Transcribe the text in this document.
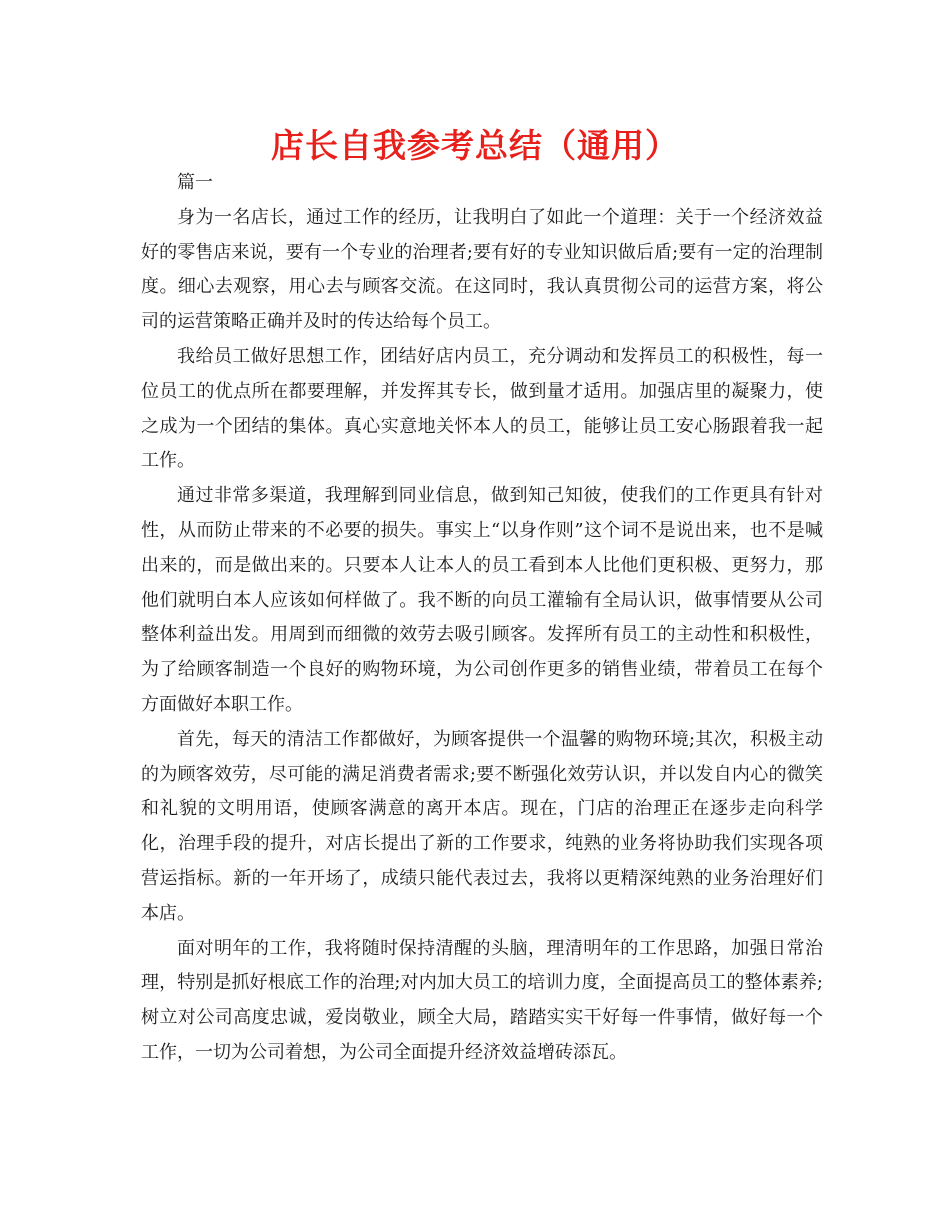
店长自我参考总结（通用）

篇一

身为一名店长，通过工作的经历，让我明白了如此一个道理：关于一个经济效益好的零售店来说，要有一个专业的治理者;要有好的专业知识做后盾;要有一定的治理制度。细心去观察，用心去与顾客交流。在这同时，我认真贯彻公司的运营方案，将公司的运营策略正确并及时的传达给每个员工。

我给员工做好思想工作，团结好店内员工，充分调动和发挥员工的积极性，每一位员工的优点所在都要理解，并发挥其专长，做到量才适用。加强店里的凝聚力，使之成为一个团结的集体。真心实意地关怀本人的员工，能够让员工安心肠跟着我一起工作。

通过非常多渠道，我理解到同业信息，做到知己知彼，使我们的工作更具有针对性，从而防止带来的不必要的损失。事实上“以身作则”这个词不是说出来，也不是喊出来的，而是做出来的。只要本人让本人的员工看到本人比他们更积极、更努力，那他们就明白本人应该如何样做了。我不断的向员工灌输有全局认识，做事情要从公司整体利益出发。用周到而细微的效劳去吸引顾客。发挥所有员工的主动性和积极性，为了给顾客制造一个良好的购物环境，为公司创作更多的销售业绩，带着员工在每个方面做好本职工作。

首先，每天的清洁工作都做好，为顾客提供一个温馨的购物环境;其次，积极主动的为顾客效劳，尽可能的满足消费者需求;要不断强化效劳认识，并以发自内心的微笑和礼貌的文明用语，使顾客满意的离开本店。现在，门店的治理正在逐步走向科学化，治理手段的提升，对店长提出了新的工作要求，纯熟的业务将协助我们实现各项营运指标。新的一年开场了，成绩只能代表过去，我将以更精深纯熟的业务治理好们本店。

面对明年的工作，我将随时保持清醒的头脑，理清明年的工作思路，加强日常治理，特别是抓好根底工作的治理;对内加大员工的培训力度，全面提高员工的整体素养;树立对公司高度忠诚，爱岗敬业，顾全大局，踏踏实实干好每一件事情，做好每一个工作，一切为公司着想，为公司全面提升经济效益增砖添瓦。
